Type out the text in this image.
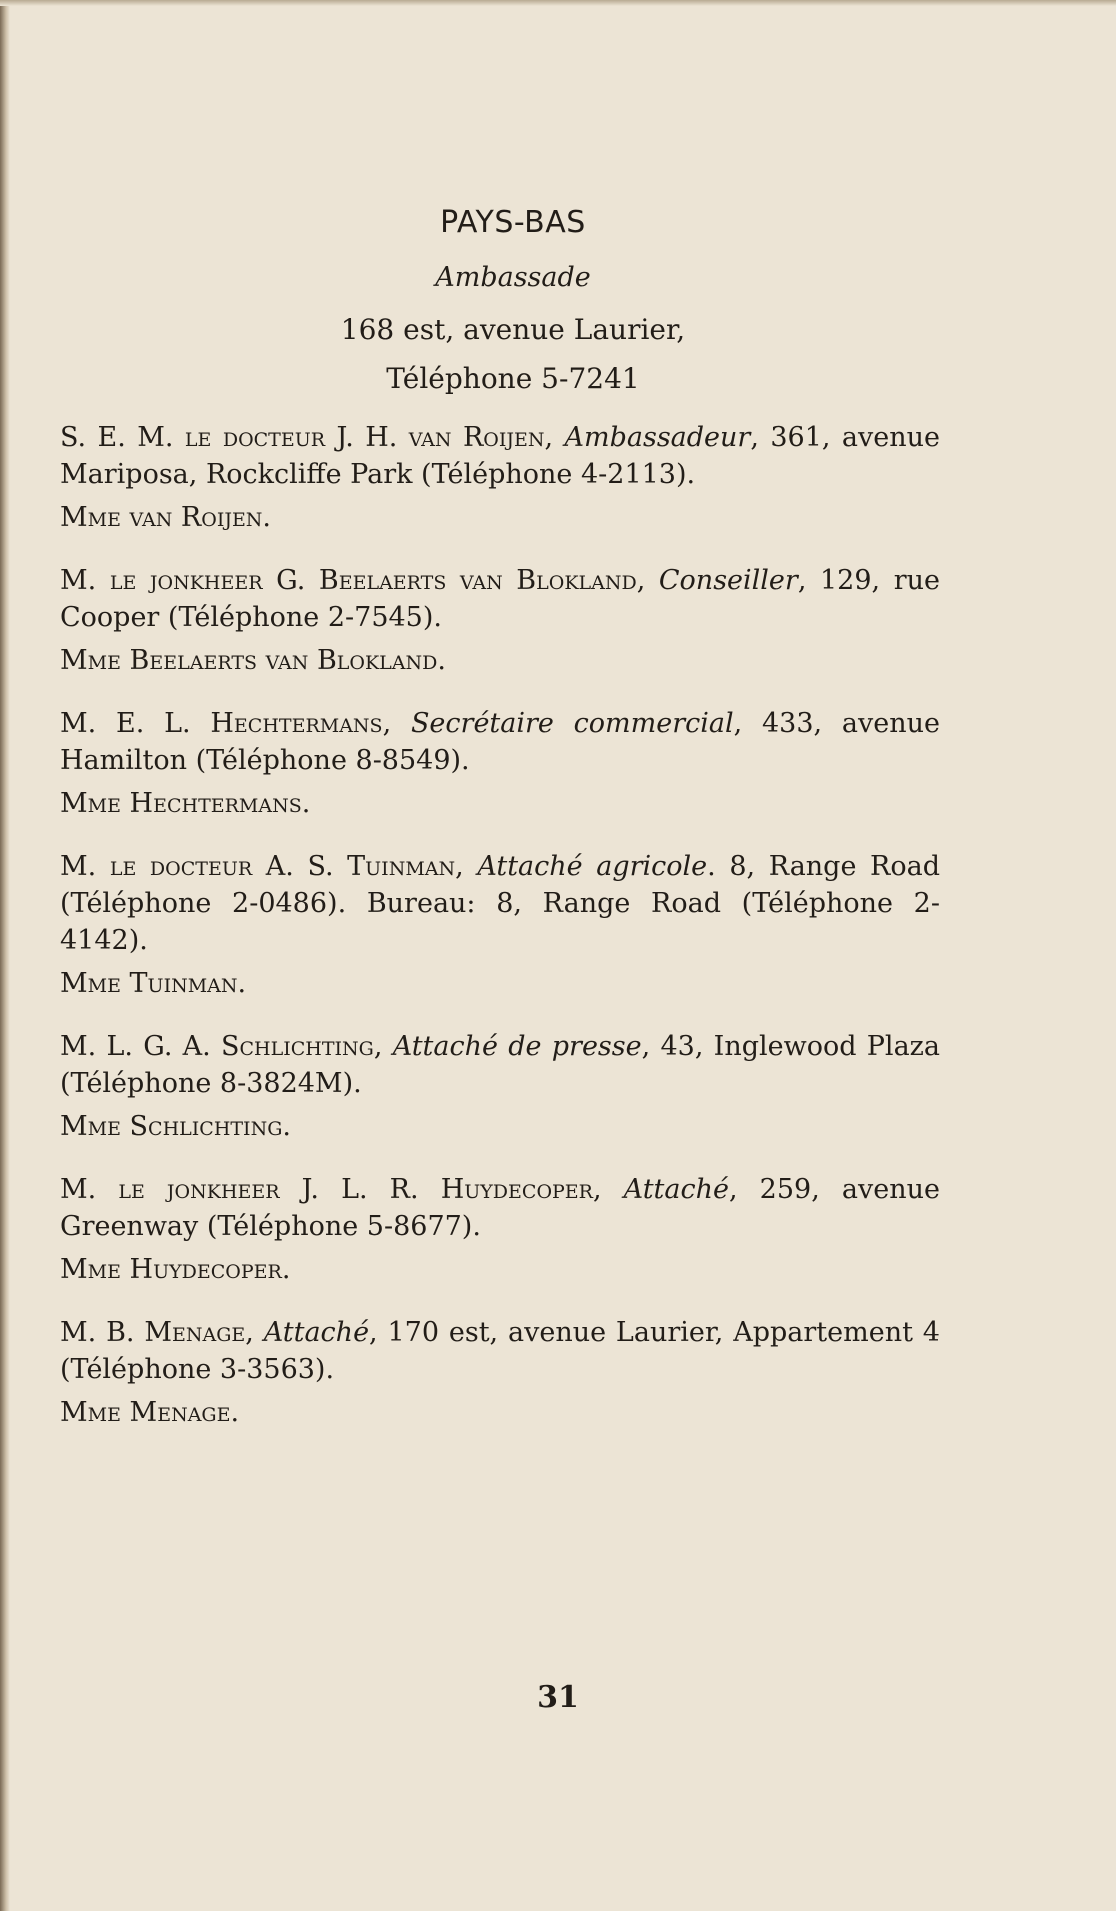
PAYS-BAS
Ambassade
168 est, avenue Laurier,
Téléphone 5-7241
S. E. M. le docteur J. H. van Roijen, Ambassadeur, 361, avenue Mariposa, Rockcliffe Park (Téléphone 4-2113).
Mme van Roijen.
M. le jonkheer G. Beelaerts van Blokland, Conseiller, 129, rue Cooper (Téléphone 2-7545).
Mme Beelaerts van Blokland.
M. E. L. Hechtermans, Secrétaire commercial, 433, avenue Hamilton (Téléphone 8-8549).
Mme Hechtermans.
M. le docteur A. S. Tuinman, Attaché agricole. 8, Range Road (Téléphone 2-0486). Bureau: 8, Range Road (Téléphone 2-4142).
Mme Tuinman.
M. L. G. A. Schlichting, Attaché de presse, 43, Inglewood Plaza (Téléphone 8-3824M).
Mme Schlichting.
M. le jonkheer J. L. R. Huydecoper, Attaché, 259, avenue Greenway (Téléphone 5-8677).
Mme Huydecoper.
M. B. Menage, Attaché, 170 est, avenue Laurier, Appartement 4 (Téléphone 3-3563).
Mme Menage.
31
